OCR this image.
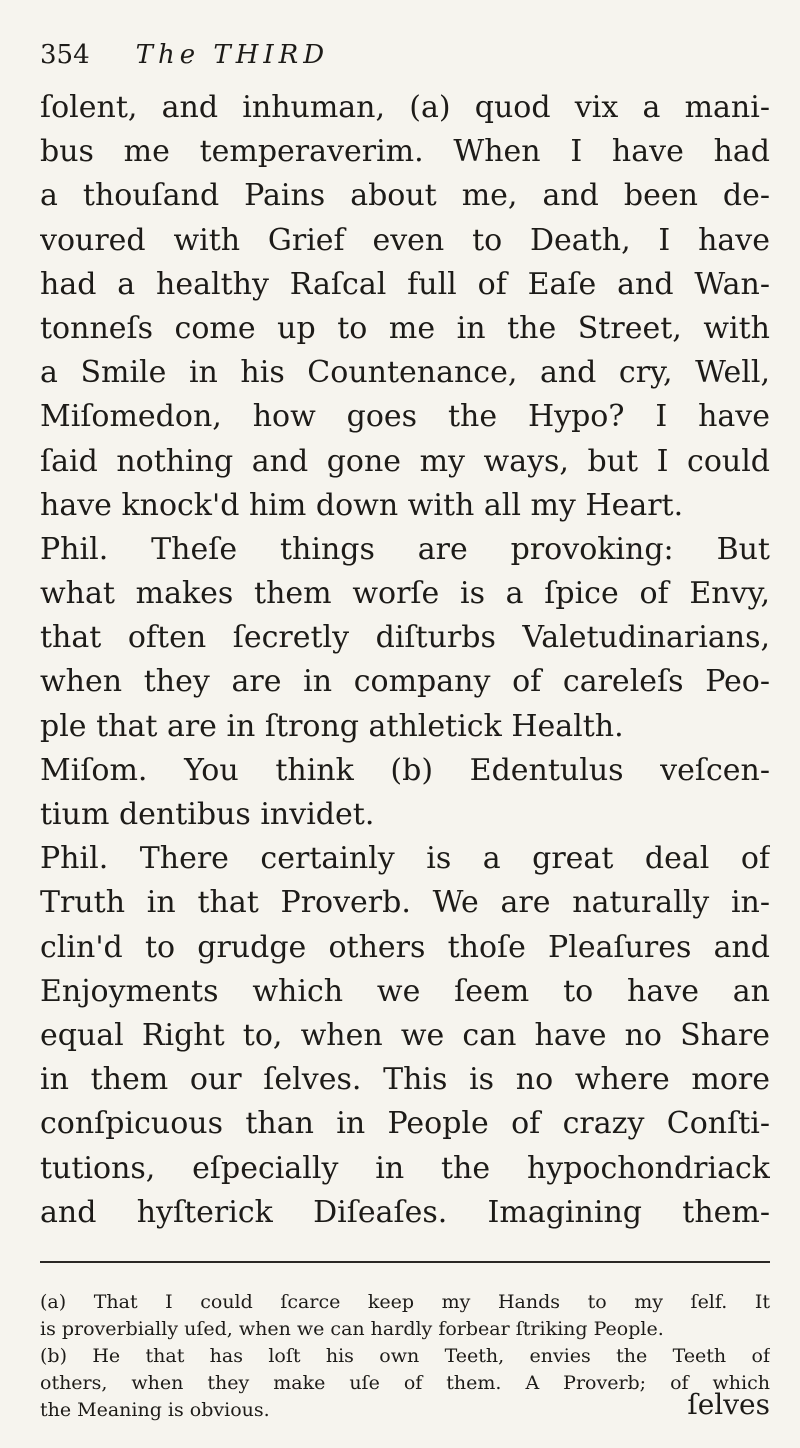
354 The THIRD
ſolent, and inhuman, (a) quod vix a mani-
bus me temperaverim. When I have had
a thouſand Pains about me, and been de-
voured with Grief even to Death, I have
had a healthy Raſcal full of Eaſe and Wan-
tonneſs come up to me in the Street, with
a Smile in his Countenance, and cry, Well,
Miſomedon, how goes the Hypo? I have
ſaid nothing and gone my ways, but I could
have knock'd him down with all my Heart.
Phil. Theſe things are provoking: But
what makes them worſe is a ſpice of Envy,
that often ſecretly diſturbs Valetudinarians,
when they are in company of careleſs Peo-
ple that are in ſtrong athletick Health.
Miſom. You think (b) Edentulus veſcen-
tium dentibus invidet.
Phil. There certainly is a great deal of
Truth in that Proverb. We are naturally in-
clin'd to grudge others thoſe Pleaſures and
Enjoyments which we ſeem to have an
equal Right to, when we can have no Share
in them our ſelves. This is no where more
conſpicuous than in People of crazy Conſti-
tutions, eſpecially in the hypochondriack
and hyſterick Diſeaſes. Imagining them-
(a) That I could ſcarce keep my Hands to my ſelf. It
is proverbially uſed, when we can hardly forbear ſtriking People.
(b) He that has loſt his own Teeth, envies the Teeth of
others, when they make uſe of them. A Proverb; of which
the Meaning is obvious.	ſelves
